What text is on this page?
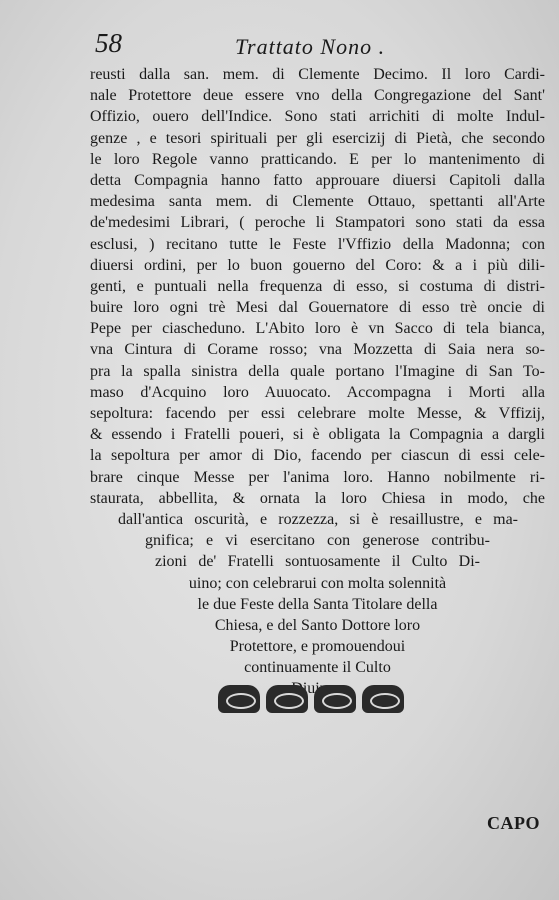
58	Trattato Nono .
reusti dalla san. mem. di Clemente Decimo. Il loro Cardi-
nale Protettore deue essere vno della Congregazione del Sant'
Offizio, ouero dell'Indice. Sono stati arrichiti di molte Indul-
genze , e tesori spirituali per gli esercizij di Pietà, che secondo
le loro Regole vanno pratticando. E per lo mantenimento di
detta Compagnia hanno fatto approuare diuersi Capitoli dalla
medesima santa mem. di Clemente Ottauo, spettanti all'Arte
de'medesimi Librari, ( peroche li Stampatori sono stati da essa
esclusi, ) recitano tutte le Feste l'Vffizio della Madonna; con
diuersi ordini, per lo buon gouerno del Coro: & a i più dili-
genti, e puntuali nella frequenza di esso, si costuma di distri-
buire loro ogni trè Mesi dal Gouernatore di esso trè oncie di
Pepe per ciascheduno. L'Abito loro è vn Sacco di tela bianca,
vna Cintura di Corame rosso; vna Mozzetta di Saia nera so-
pra la spalla sinistra della quale portano l'Imagine di San To-
maso d'Acquino loro Auuocato. Accompagna i Morti alla
sepoltura: facendo per essi celebrare molte Messe, & Vffizij,
& essendo i Fratelli poueri, si è obligata la Compagnia a dargli
la sepoltura per amor di Dio, facendo per ciascun di essi cele-
brare cinque Messe per l'anima loro. Hanno nobilmente ri-
staurata, abbellita, & ornata la loro Chiesa in modo, che
dall'antica oscurità, e rozzezza, si è resaillustre, e ma-
gnifica; e vi esercitano con generose contribu-
zioni de' Fratelli sontuosamente il Culto Di-
uino; con celebrarui con molta solennità
le due Feste della Santa Titolare della
Chiesa, e del Santo Dottore loro
Protettore, e promouendoui
continuamente il Culto
Diuino
CAPO
